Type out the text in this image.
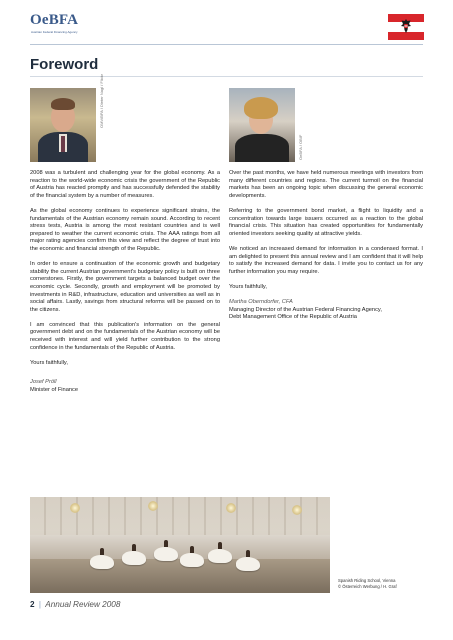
OeBFA
Austrian Federal Financing Agency
Foreword
OMV/BPA / Dieter Nagl / Flickr
OeBFA / OBIF

2008 was a turbulent and challenging year for the global economy. As a reaction to the world-wide economic crisis the government of the Republic of Austria has reacted promptly and has successfully defended the stability of the financial system by a number of measures.

As the global economy continues to experience significant strains, the fundamentals of the Austrian economy remain sound. According to recent stress tests, Austria is among the most resistant countries and is well prepared to weather the current economic crisis. The AAA ratings from all major rating agencies confirm this view and reflect the degree of trust into the economic and financial strength of the Republic.

In order to ensure a continuation of the economic growth and budgetary stability the current Austrian government's budgetary policy is built on three cornerstones. Firstly, the government targets a balanced budget over the economic cycle. Secondly, growth and employment will be promoted by investments in R&D, infrastructure, education and universities as well as in social affairs. Lastly, savings from structural reforms will be passed on to the citizens.

I am convinced that this publication's information on the general government debt and on the fundamentals of the Austrian economy will be received with interest and will yield further contribution to the strong confidence in the fundamentals of the Republic of Austria.

Yours faithfully,

Josef Pröll

Minister of Finance

Over the past months, we have held numerous meetings with investors from many different countries and regions. The current turmoil on the financial markets has been an ongoing topic when discussing the general economic developments.

Referring to the government bond market, a flight to liquidity and a concentration towards large issuers occurred as a reaction to the global financial crisis. This situation has created opportunities for fundamentally oriented investors seeking quality at attractive yields.

We noticed an increased demand for information in a condensed format. I am delighted to present this annual review and I am confident that it will help to satisfy the increased demand for data. I invite you to contact us for any further information you may require.

Yours faithfully,

Martha Oberndorfer, CFA

Managing Director of the Austrian Federal Financing Agency,

Debt Management Office of the Republic of Austria

Spanish Riding School, Vienna
© Österreich Werbung / H. Graf
2 | Annual Review 2008
